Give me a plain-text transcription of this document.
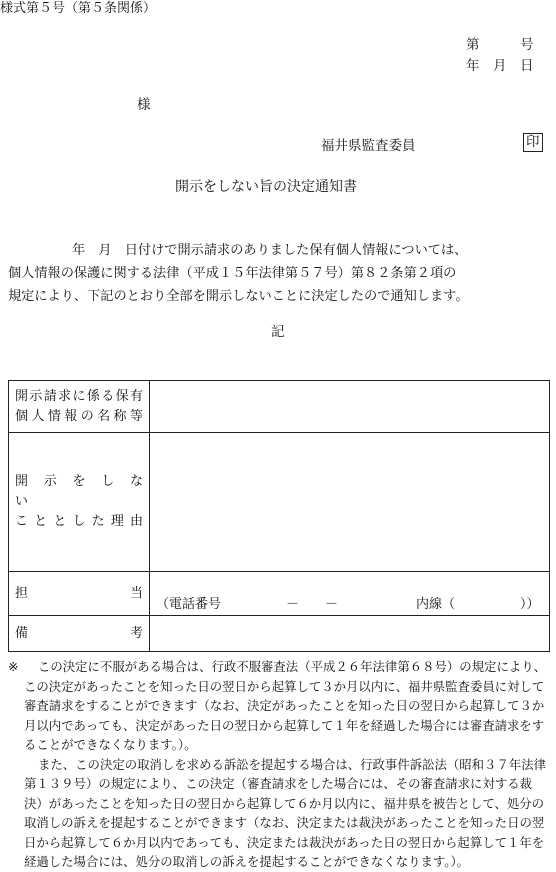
様式第５号（第５条関係）
第　　　号
年　月　日
様
福井県監査委員	印
開示をしない旨の決定通知書
年　月　日付けで開示請求のありました保有個人情報については、
個人情報の保護に関する法律（平成１５年法律第５７号）第８２条第２項の
規定により、下記のとおり全部を開示しないことに決定したので通知します。
記
開示請求に係る保有
個人情報の名称等	

開　示　を　し　な　い
こ と と し た 理 由	

担　　　　　　当	（電話番号　　　　　－　　－　　　　　　内線（　　　　　））

備　　　　　　考	

※	この決定に不服がある場合は、行政不服審査法（平成２６年法律第６８号）の規定により、この決定があったことを知った日の翌日から起算して３か月以内に、福井県監査委員に対して審査請求をすることができます（なお、決定があったことを知った日の翌日から起算して３か月以内であっても、決定があった日の翌日から起算して１年を経過した場合には審査請求をすることができなくなります。）。
また、この決定の取消しを求める訴訟を提起する場合は、行政事件訴訟法（昭和３７年法律第１３９号）の規定により、この決定（審査請求をした場合には、その審査請求に対する裁決）があったことを知った日の翌日から起算して６か月以内に、福井県を被告として、処分の取消しの訴えを提起することができます（なお、決定または裁決があったことを知った日の翌日から起算して６か月以内であっても、決定または裁決があった日の翌日から起算して１年を経過した場合には、処分の取消しの訴えを提起することができなくなります。）。
